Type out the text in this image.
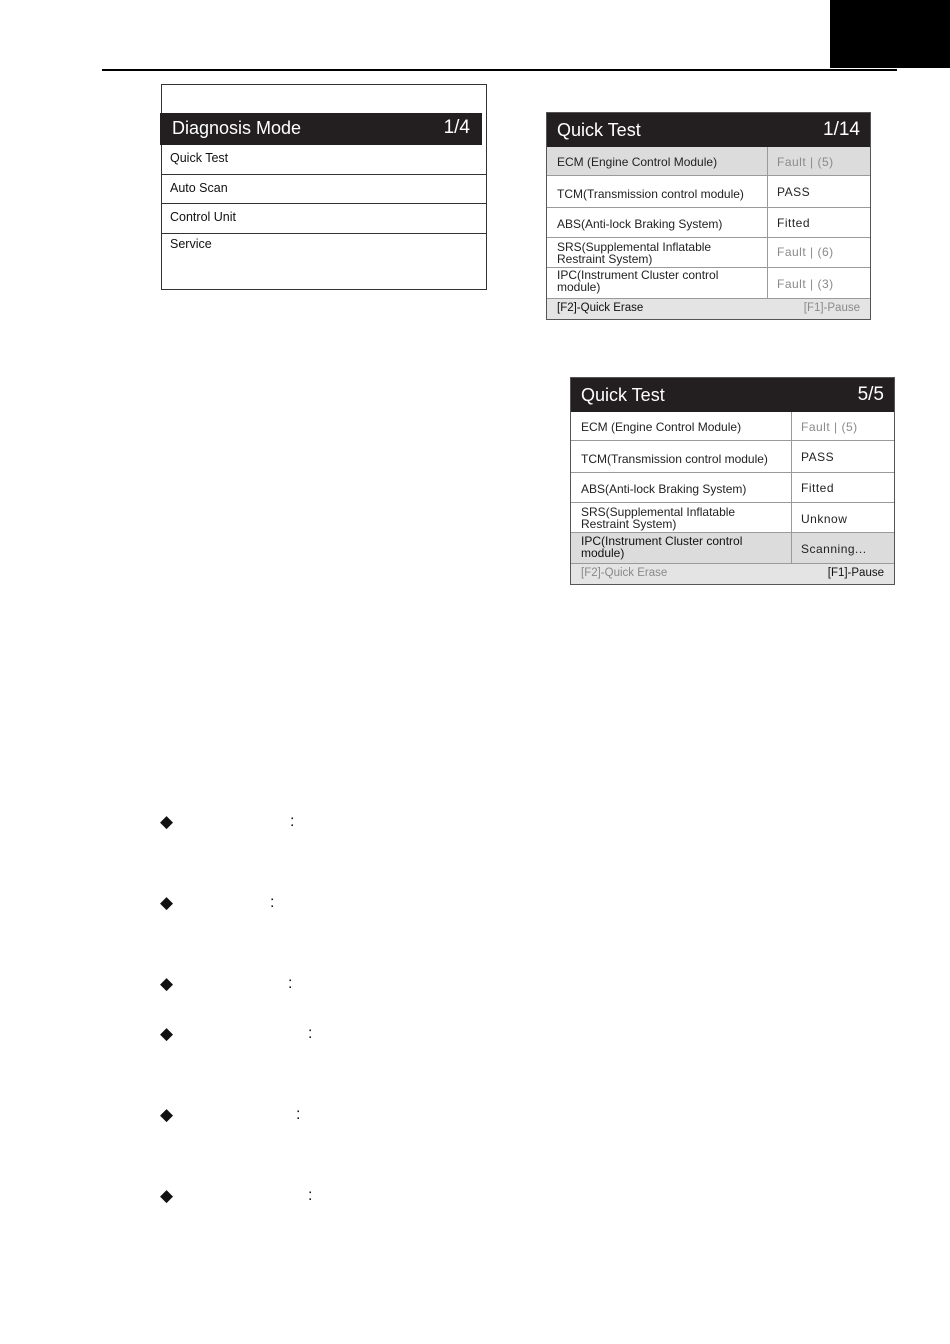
Diagnosis Mode	1/4
Quick Test
Auto Scan
Control Unit
Service
Quick Test	1/14
ECM (Engine Control Module)	Fault | (5)
TCM(Transmission control module)	PASS
ABS(Anti-lock Braking System)	Fitted
SRS(Supplemental Inflatable Restraint System)	Fault | (6)
IPC(Instrument Cluster control module)	Fault | (3)
[F2]-Quick Erase	[F1]-Pause
Quick Test	5/5
ECM (Engine Control Module)	Fault | (5)
TCM(Transmission control module)	PASS
ABS(Anti-lock Braking System)	Fitted
SRS(Supplemental Inflatable Restraint System)	Unknow
IPC(Instrument Cluster control module)	Scanning...
[F2]-Quick Erase	[F1]-Pause
◆	:
◆	:
◆	:
◆	:
◆	:
◆	:
